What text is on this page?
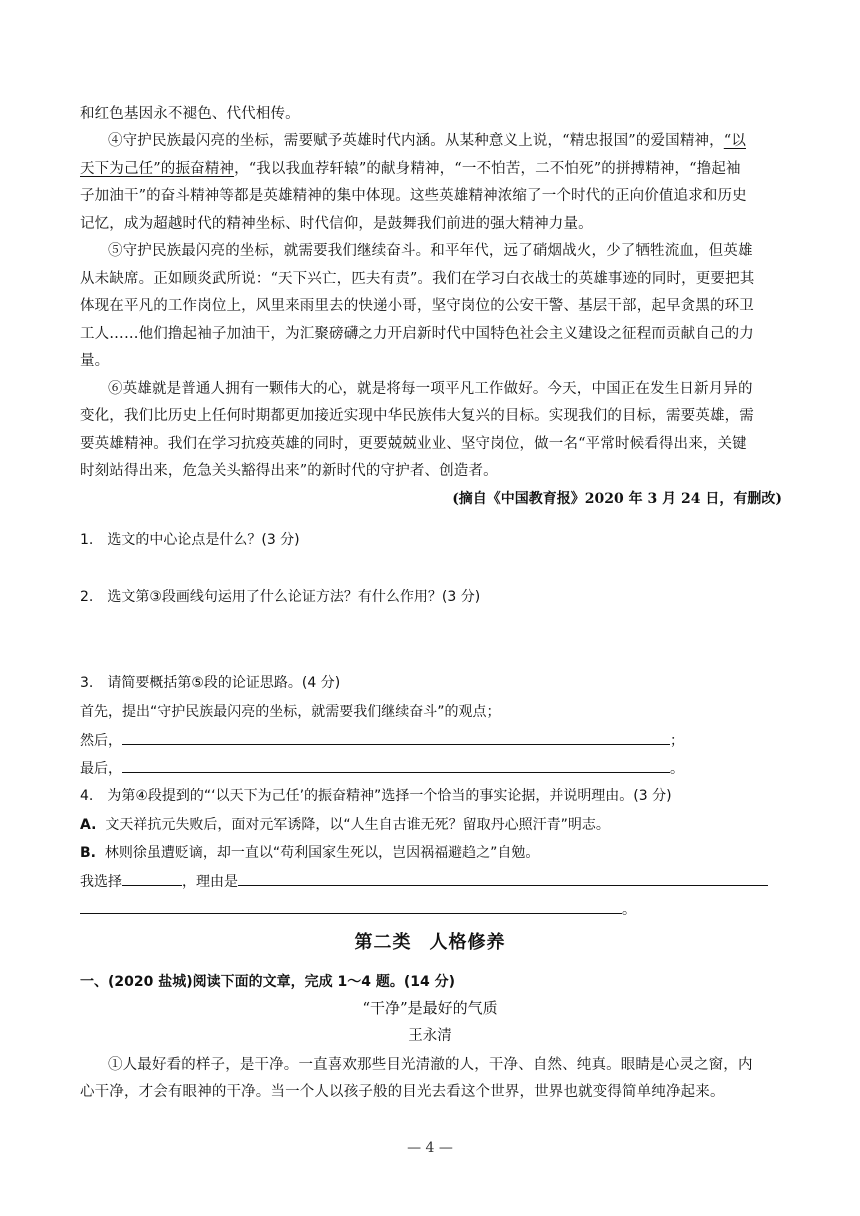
和红色基因永不褪色、代代相传。
④守护民族最闪亮的坐标，需要赋予英雄时代内涵。从某种意义上说，“精忠报国”的爱国精神，“以
天下为己任”的振奋精神，“我以我血荐轩辕”的献身精神，“一不怕苦，二不怕死”的拼搏精神，“撸起袖
子加油干”的奋斗精神等都是英雄精神的集中体现。这些英雄精神浓缩了一个时代的正向价值追求和历史
记忆，成为超越时代的精神坐标、时代信仰，是鼓舞我们前进的强大精神力量。
⑤守护民族最闪亮的坐标，就需要我们继续奋斗。和平年代，远了硝烟战火，少了牺牲流血，但英雄
从未缺席。正如顾炎武所说：“天下兴亡，匹夫有责”。我们在学习白衣战士的英雄事迹的同时，更要把其
体现在平凡的工作岗位上，风里来雨里去的快递小哥，坚守岗位的公安干警、基层干部，起早贪黑的环卫
工人……他们撸起袖子加油干，为汇聚磅礴之力开启新时代中国特色社会主义建设之征程而贡献自己的力
量。
⑥英雄就是普通人拥有一颗伟大的心，就是将每一项平凡工作做好。今天，中国正在发生日新月异的
变化，我们比历史上任何时期都更加接近实现中华民族伟大复兴的目标。实现我们的目标，需要英雄，需
要英雄精神。我们在学习抗疫英雄的同时，更要兢兢业业、坚守岗位，做一名“平常时候看得出来，关键
时刻站得出来，危急关头豁得出来”的新时代的守护者、创造者。
(摘自《中国教育报》2020 年 3 月 24 日，有删改)
1.　选文的中心论点是什么？(3 分)
2.　选文第③段画线句运用了什么论证方法？有什么作用？(3 分)
3.　请简要概括第⑤段的论证思路。(4 分)
首先，提出“守护民族最闪亮的坐标，就需要我们继续奋斗”的观点；
然后，	；
最后，	。
4.　为第④段提到的“‘以天下为己任’的振奋精神”选择一个恰当的事实论据，并说明理由。(3 分)
A. 文天祥抗元失败后，面对元军诱降，以“人生自古谁无死？留取丹心照汗青”明志。
B. 林则徐虽遭贬谪，却一直以“苟利国家生死以，岂因祸福避趋之”自勉。
我选择	，理由是
。
第二类 人格修养
一、(2020 盐城)阅读下面的文章，完成 1～4 题。(14 分)
“干净”是最好的气质
王永清
①人最好看的样子，是干净。一直喜欢那些目光清澈的人，干净、自然、纯真。眼睛是心灵之窗，内
心干净，才会有眼神的干净。当一个人以孩子般的目光去看这个世界，世界也就变得简单纯净起来。
— 4 —
